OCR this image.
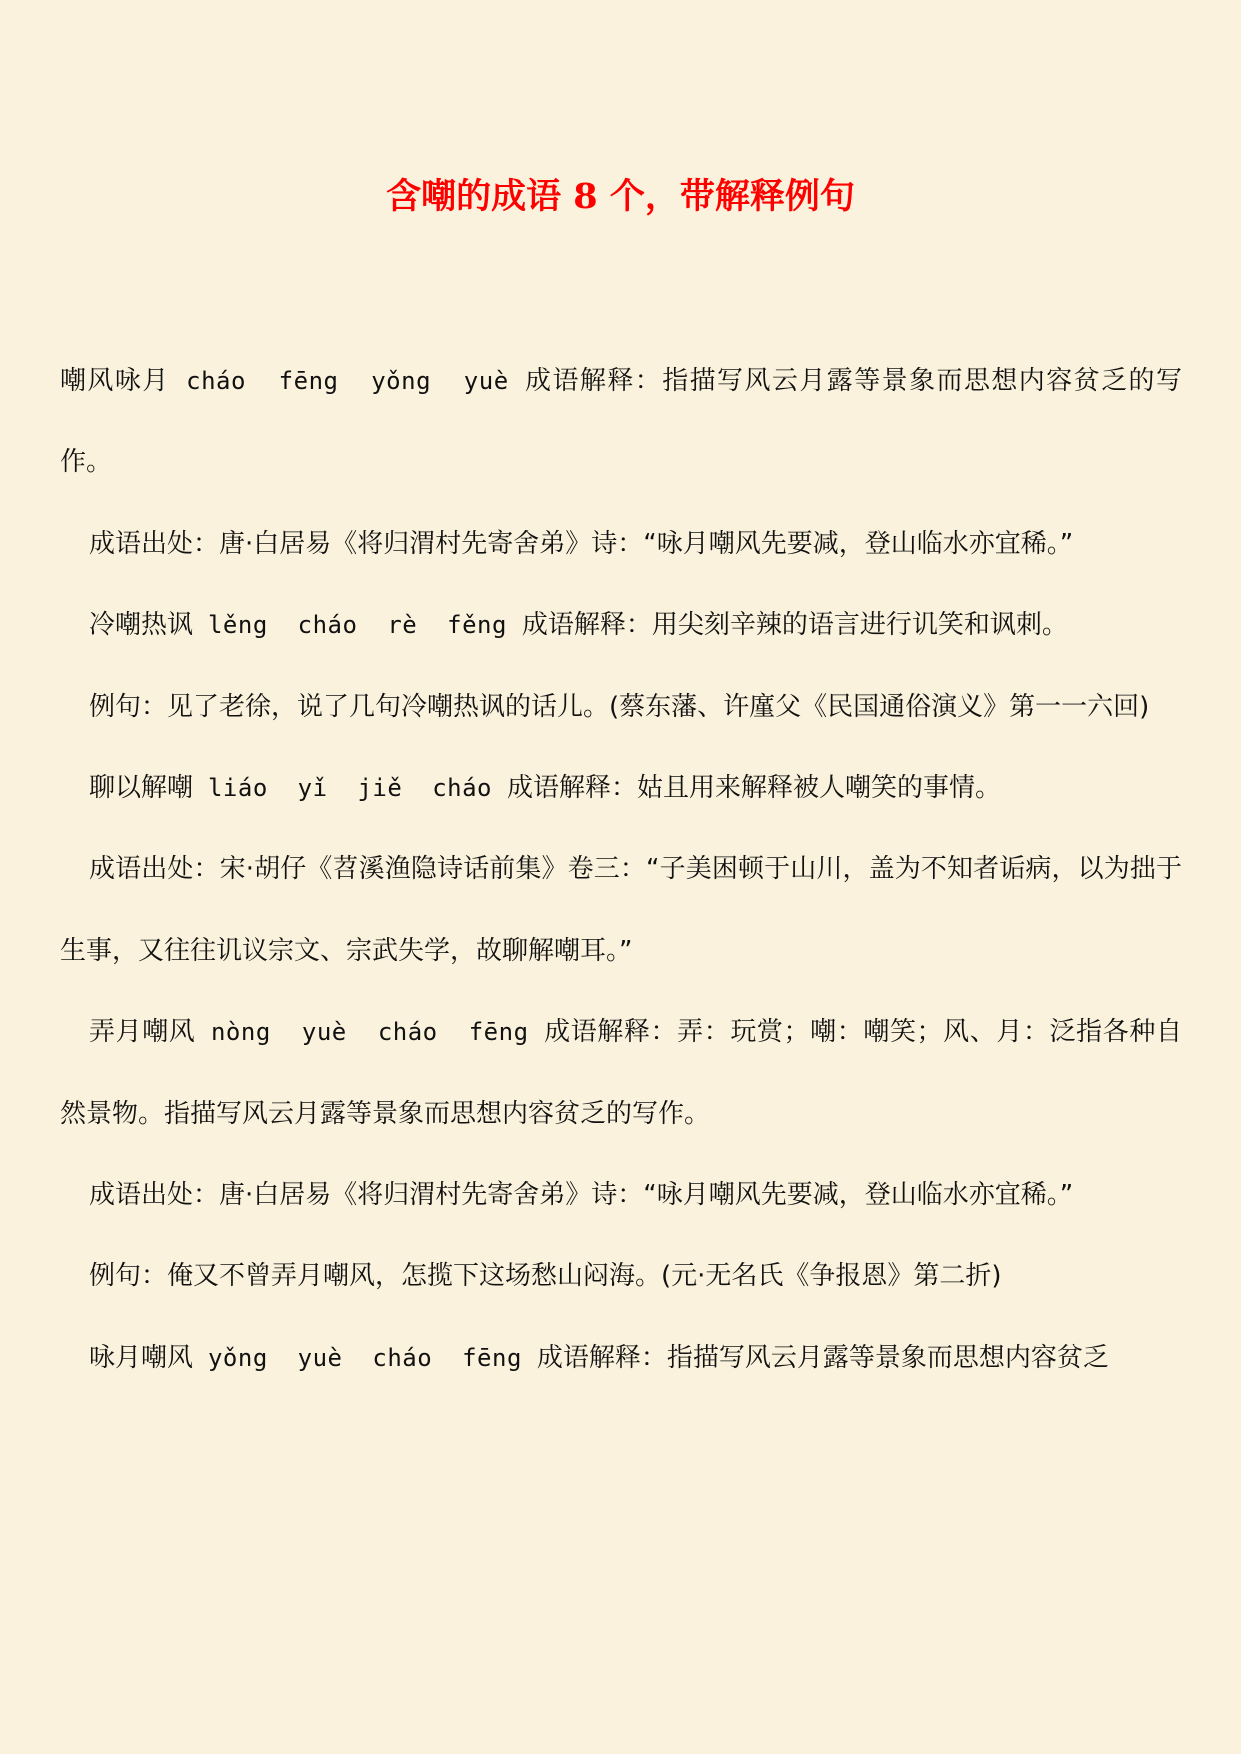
含嘲的成语 8 个，带解释例句

嘲风咏月 cháo  fēng  yǒng  yuè 成语解释：指描写风云月露等景象而思想内容贫乏的写作。

成语出处：唐·白居易《将归渭村先寄舍弟》诗：“咏月嘲风先要减，登山临水亦宜稀。”

冷嘲热讽 lěng  cháo  rè  fěng 成语解释：用尖刻辛辣的语言进行讥笑和讽刺。

例句：见了老徐，说了几句冷嘲热讽的话儿。(蔡东藩、许廑父《民国通俗演义》第一一六回)

聊以解嘲 liáo  yǐ  jiě  cháo 成语解释：姑且用来解释被人嘲笑的事情。

成语出处：宋·胡仔《苕溪渔隐诗话前集》卷三：“子美困顿于山川，盖为不知者诟病，以为拙于生事，又往往讥议宗文、宗武失学，故聊解嘲耳。”

弄月嘲风 nòng  yuè  cháo  fēng 成语解释：弄：玩赏；嘲：嘲笑；风、月：泛指各种自然景物。指描写风云月露等景象而思想内容贫乏的写作。

成语出处：唐·白居易《将归渭村先寄舍弟》诗：“咏月嘲风先要减，登山临水亦宜稀。”

例句：俺又不曾弄月嘲风，怎揽下这场愁山闷海。(元·无名氏《争报恩》第二折)

咏月嘲风 yǒng  yuè  cháo  fēng 成语解释：指描写风云月露等景象而思想内容贫乏
